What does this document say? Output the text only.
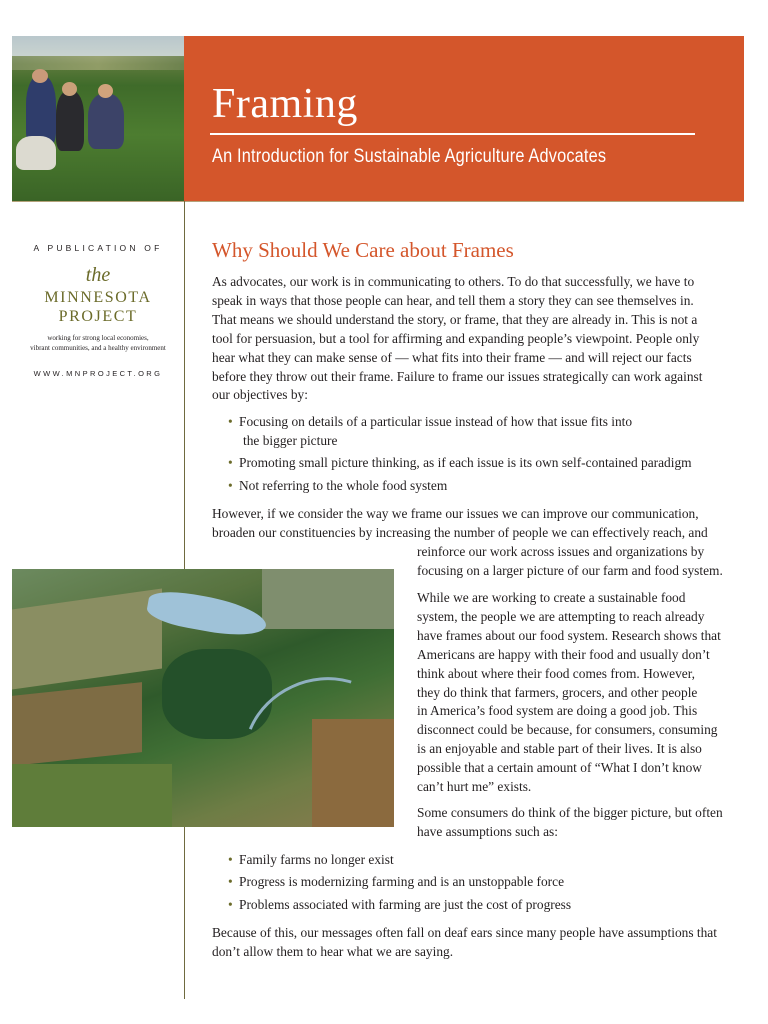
Framing
An Introduction for Sustainable Agriculture Advocates
A PUBLICATION OF
the
MINNESOTA
PROJECT
working for strong local economies,
vibrant communities, and a healthy environment
WWW.MNPROJECT.ORG
Why Should We Care about Frames
As advocates, our work is in communicating to others. To do that successfully, we have to
speak in ways that those people can hear, and tell them a story they can see themselves in.
That means we should understand the story, or frame, that they are already in. This is not a
tool for persuasion, but a tool for affirming and expanding people’s viewpoint. People only
hear what they can make sense of — what fits into their frame — and will reject our facts
before they throw out their frame. Failure to frame our issues strategically can work against
our objectives by:
• Focusing on details of a particular issue instead of how that issue fits into
the bigger picture
• Promoting small picture thinking, as if each issue is its own self-contained paradigm
• Not referring to the whole food system
However, if we consider the way we frame our issues we can improve our communication,
broaden our constituencies by increasing the number of people we can effectively reach, and
reinforce our work across issues and organizations by
focusing on a larger picture of our farm and food system.
While we are working to create a sustainable food
system, the people we are attempting to reach already
have frames about our food system. Research shows that
Americans are happy with their food and usually don’t
think about where their food comes from. However,
they do think that farmers, grocers, and other people
in America’s food system are doing a good job. This
disconnect could be because, for consumers, consuming
is an enjoyable and stable part of their lives. It is also
possible that a certain amount of “What I don’t know
can’t hurt me” exists.
Some consumers do think of the bigger picture, but often
have assumptions such as:
• Family farms no longer exist
• Progress is modernizing farming and is an unstoppable force
• Problems associated with farming are just the cost of progress
Because of this, our messages often fall on deaf ears since many people have assumptions that
don’t allow them to hear what we are saying.
